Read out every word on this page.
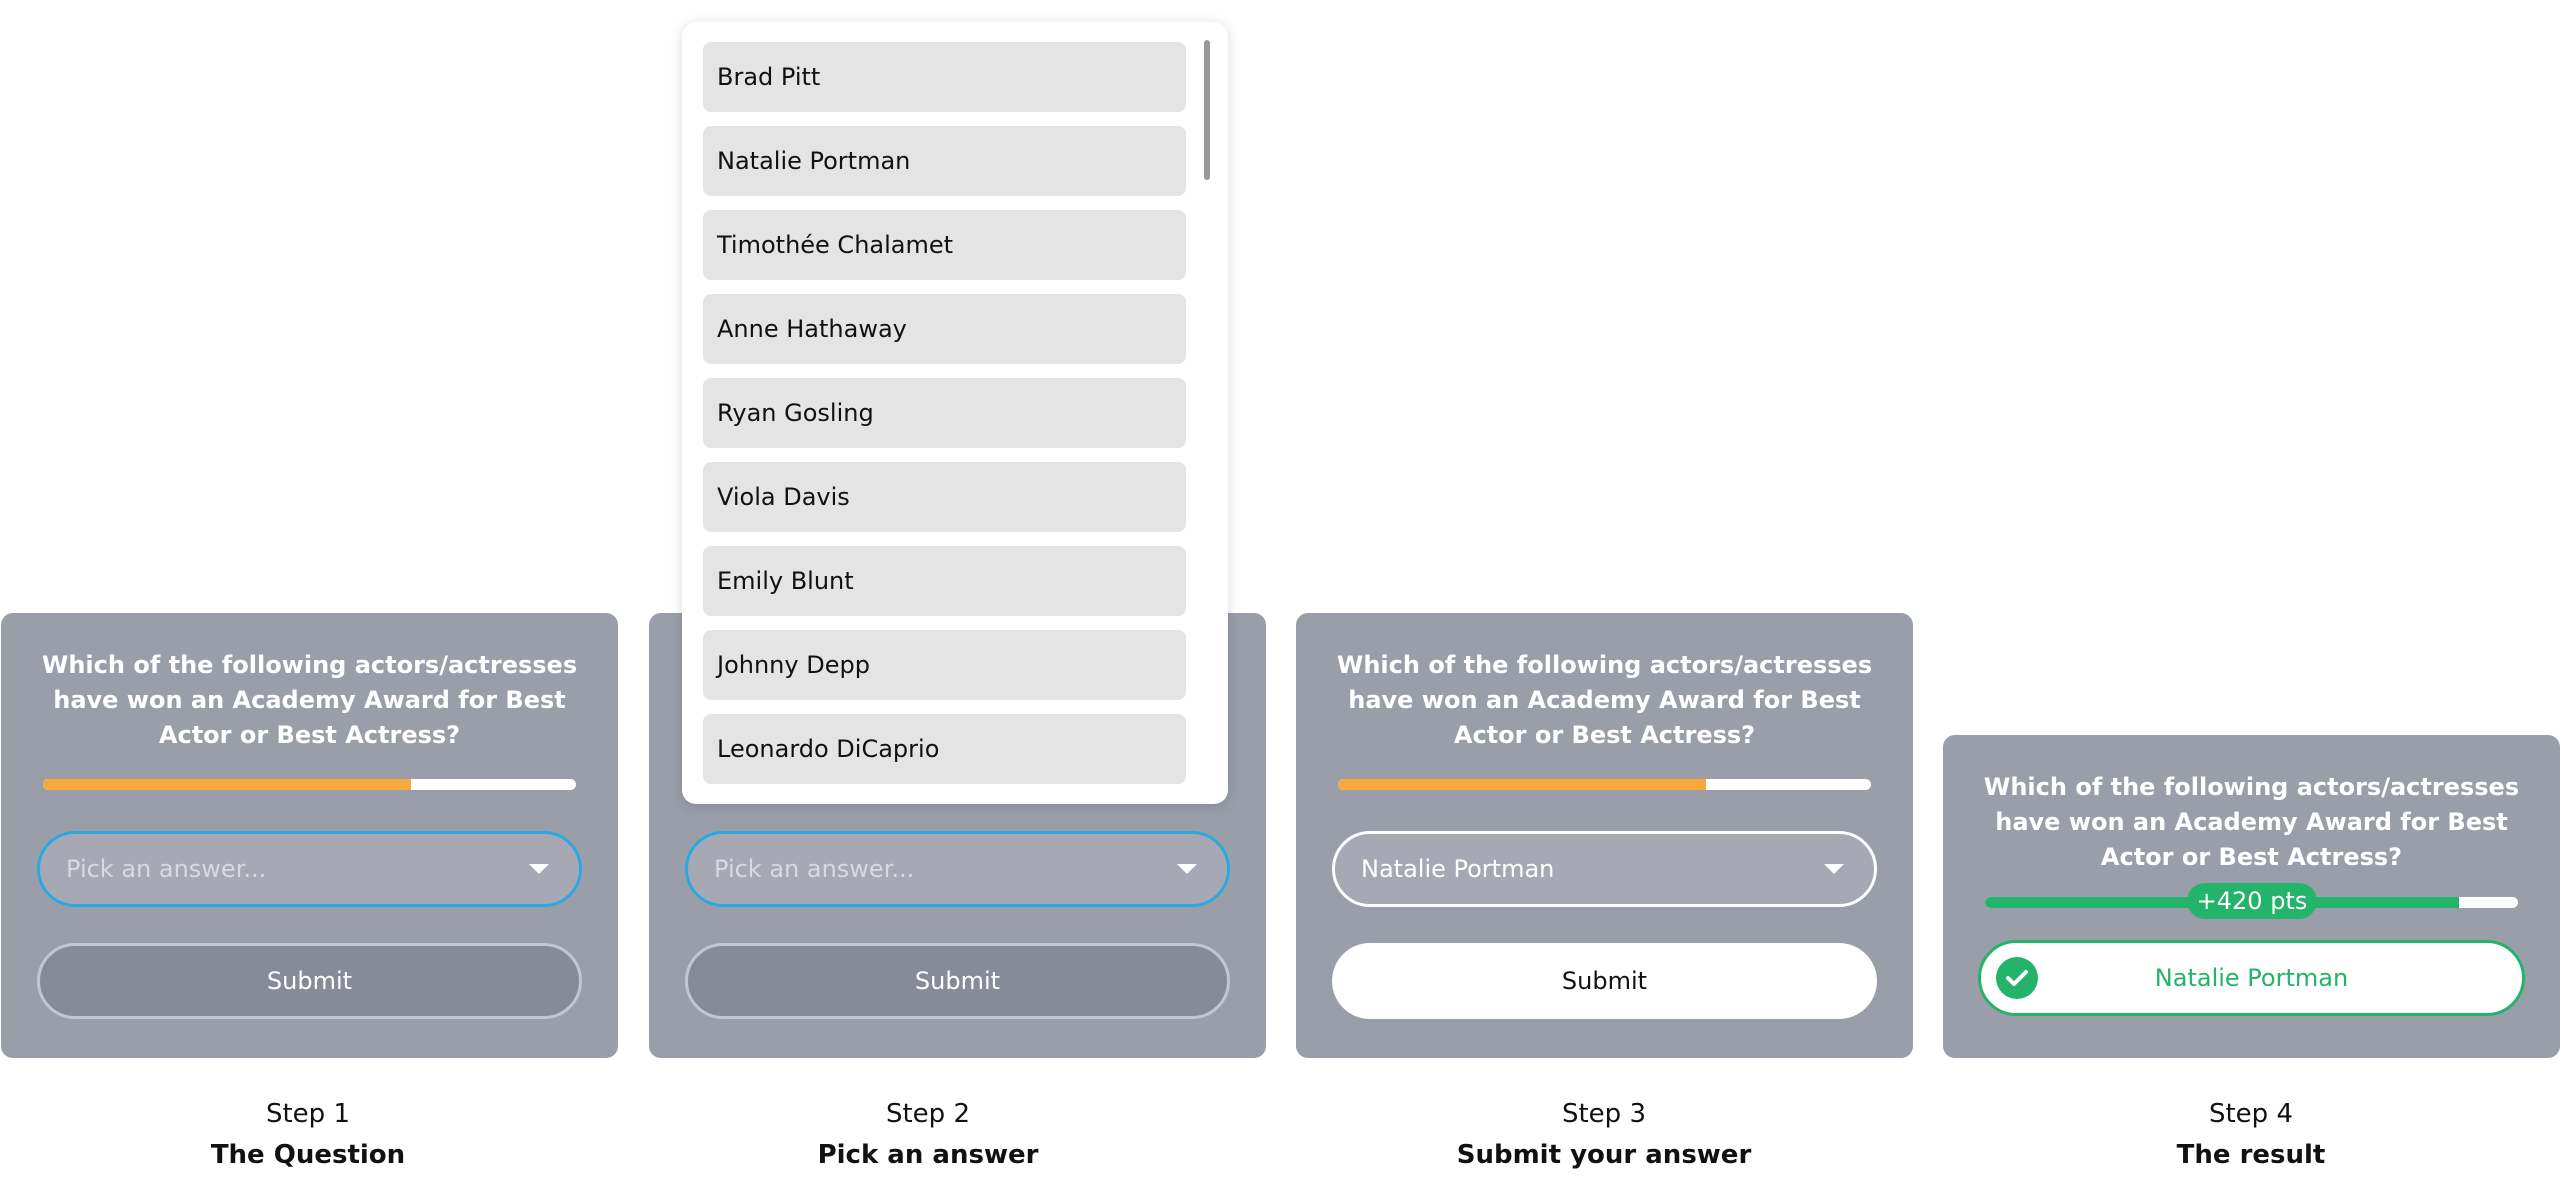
Which of the following actors/actresses have won an Academy Award for Best Actor or Best Actress?
Pick an answer...
Submit
Pick an answer...
Submit
Brad Pitt
Natalie Portman
Timothée Chalamet
Anne Hathaway
Ryan Gosling
Viola Davis
Emily Blunt
Johnny Depp
Leonardo DiCaprio
Which of the following actors/actresses have won an Academy Award for Best Actor or Best Actress?
Natalie Portman
Submit
Which of the following actors/actresses have won an Academy Award for Best Actor or Best Actress?
+420 pts
Natalie Portman
Step 1
The Question
Step 2
Pick an answer
Step 3
Submit your answer
Step 4
The result
